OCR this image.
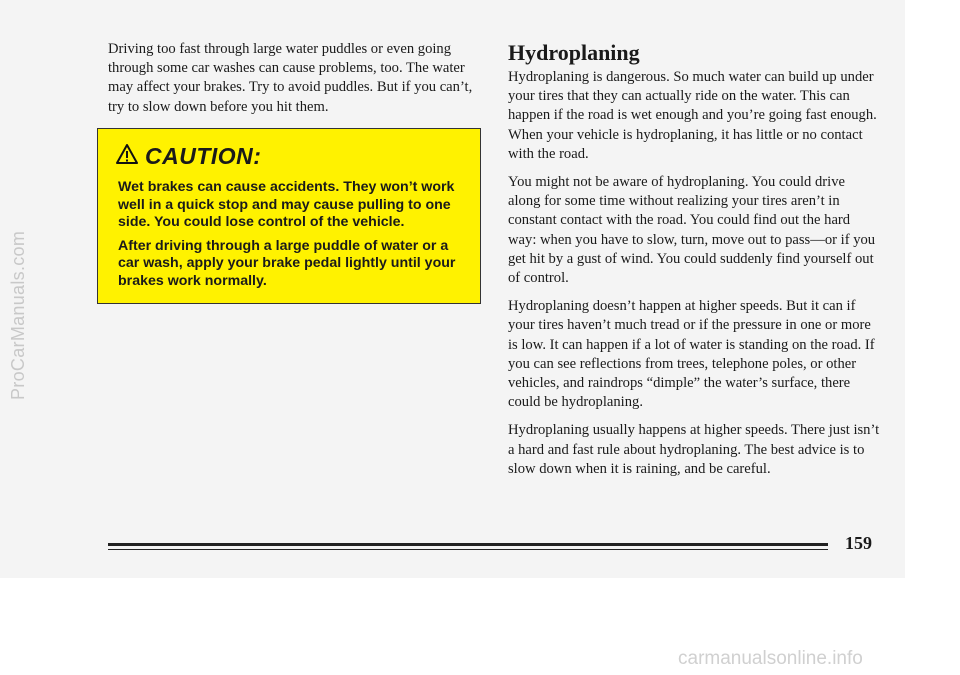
Driving too fast through large water puddles or even going through some car washes can cause problems, too. The water may affect your brakes. Try to avoid puddles. But if you can’t, try to slow down before you hit them.

CAUTION:

Wet brakes can cause accidents. They won’t work well in a quick stop and may cause pulling to one side. You could lose control of the vehicle.

After driving through a large puddle of water or a car wash, apply your brake pedal lightly until your brakes work normally.

Hydroplaning

Hydroplaning is dangerous. So much water can build up under your tires that they can actually ride on the water. This can happen if the road is wet enough and you’re going fast enough. When your vehicle is hydroplaning, it has little or no contact with the road.

You might not be aware of hydroplaning. You could drive along for some time without realizing your tires aren’t in constant contact with the road. You could find out the hard way: when you have to slow, turn, move out to pass—or if you get hit by a gust of wind. You could suddenly find yourself out of control.

Hydroplaning doesn’t happen at higher speeds. But it can if your tires haven’t much tread or if the pressure in one or more is low. It can happen if a lot of water is standing on the road. If you can see reflections from trees, telephone poles, or other vehicles, and raindrops “dimple” the water’s surface, there could be hydroplaning.

Hydroplaning usually happens at higher speeds. There just isn’t a hard and fast rule about hydroplaning. The best advice is to slow down when it is raining, and be careful.

159
ProCarManuals.com
carmanualsonline.info
